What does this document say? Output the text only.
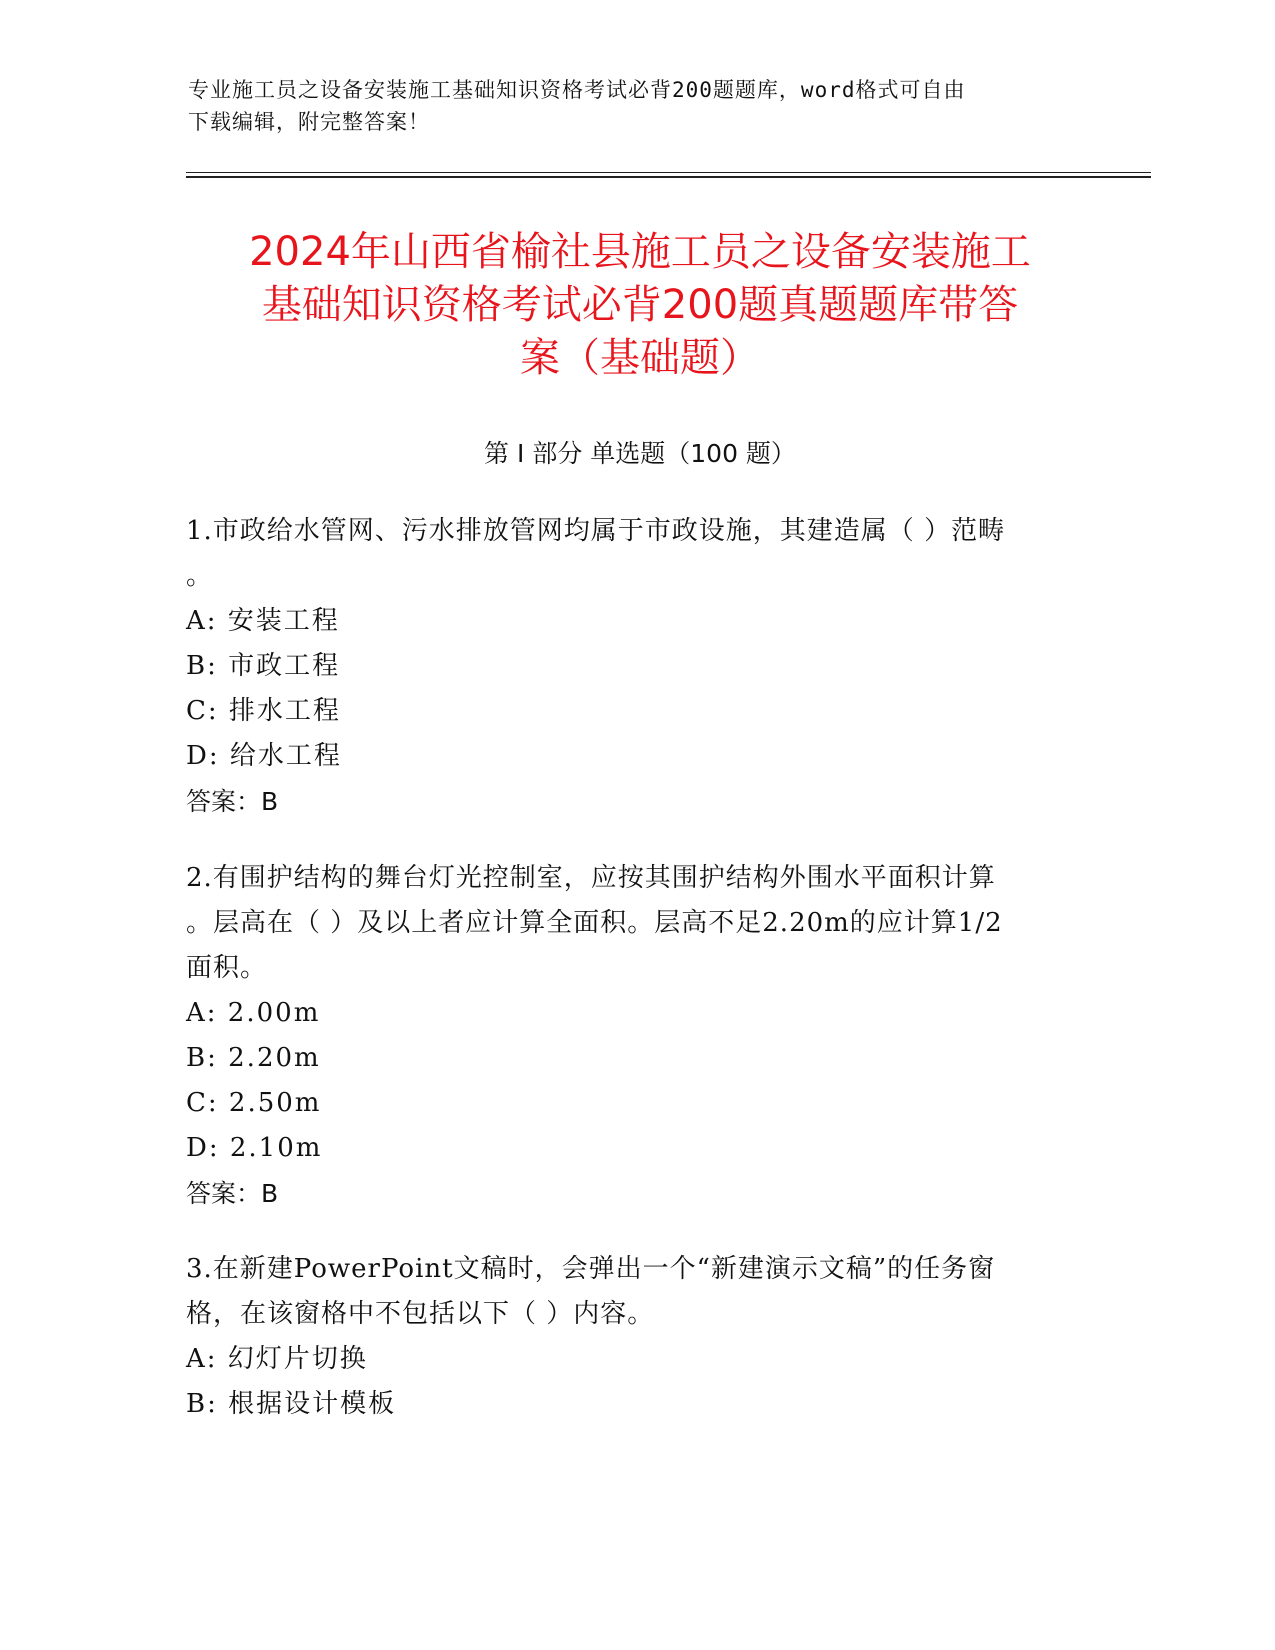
专业施工员之设备安装施工基础知识资格考试必背200题题库，word格式可自由
下载编辑，附完整答案！
2024年山西省榆社县施工员之设备安装施工
基础知识资格考试必背200题真题题库带答
案（基础题）
第 I 部分 单选题（100 题）

1.市政给水管网、污水排放管网均属于市政设施，其建造属（ ）范畴

。

A: 安装工程

B: 市政工程

C: 排水工程

D: 给水工程

答案：B

2.有围护结构的舞台灯光控制室，应按其围护结构外围水平面积计算

。层高在（ ）及以上者应计算全面积。层高不足2.20m的应计算1/2

面积。

A: 2.00m

B: 2.20m

C: 2.50m

D: 2.10m

答案：B

3.在新建PowerPoint文稿时，会弹出一个“新建演示文稿”的任务窗

格，在该窗格中不包括以下（ ）内容。

A: 幻灯片切换

B: 根据设计模板
